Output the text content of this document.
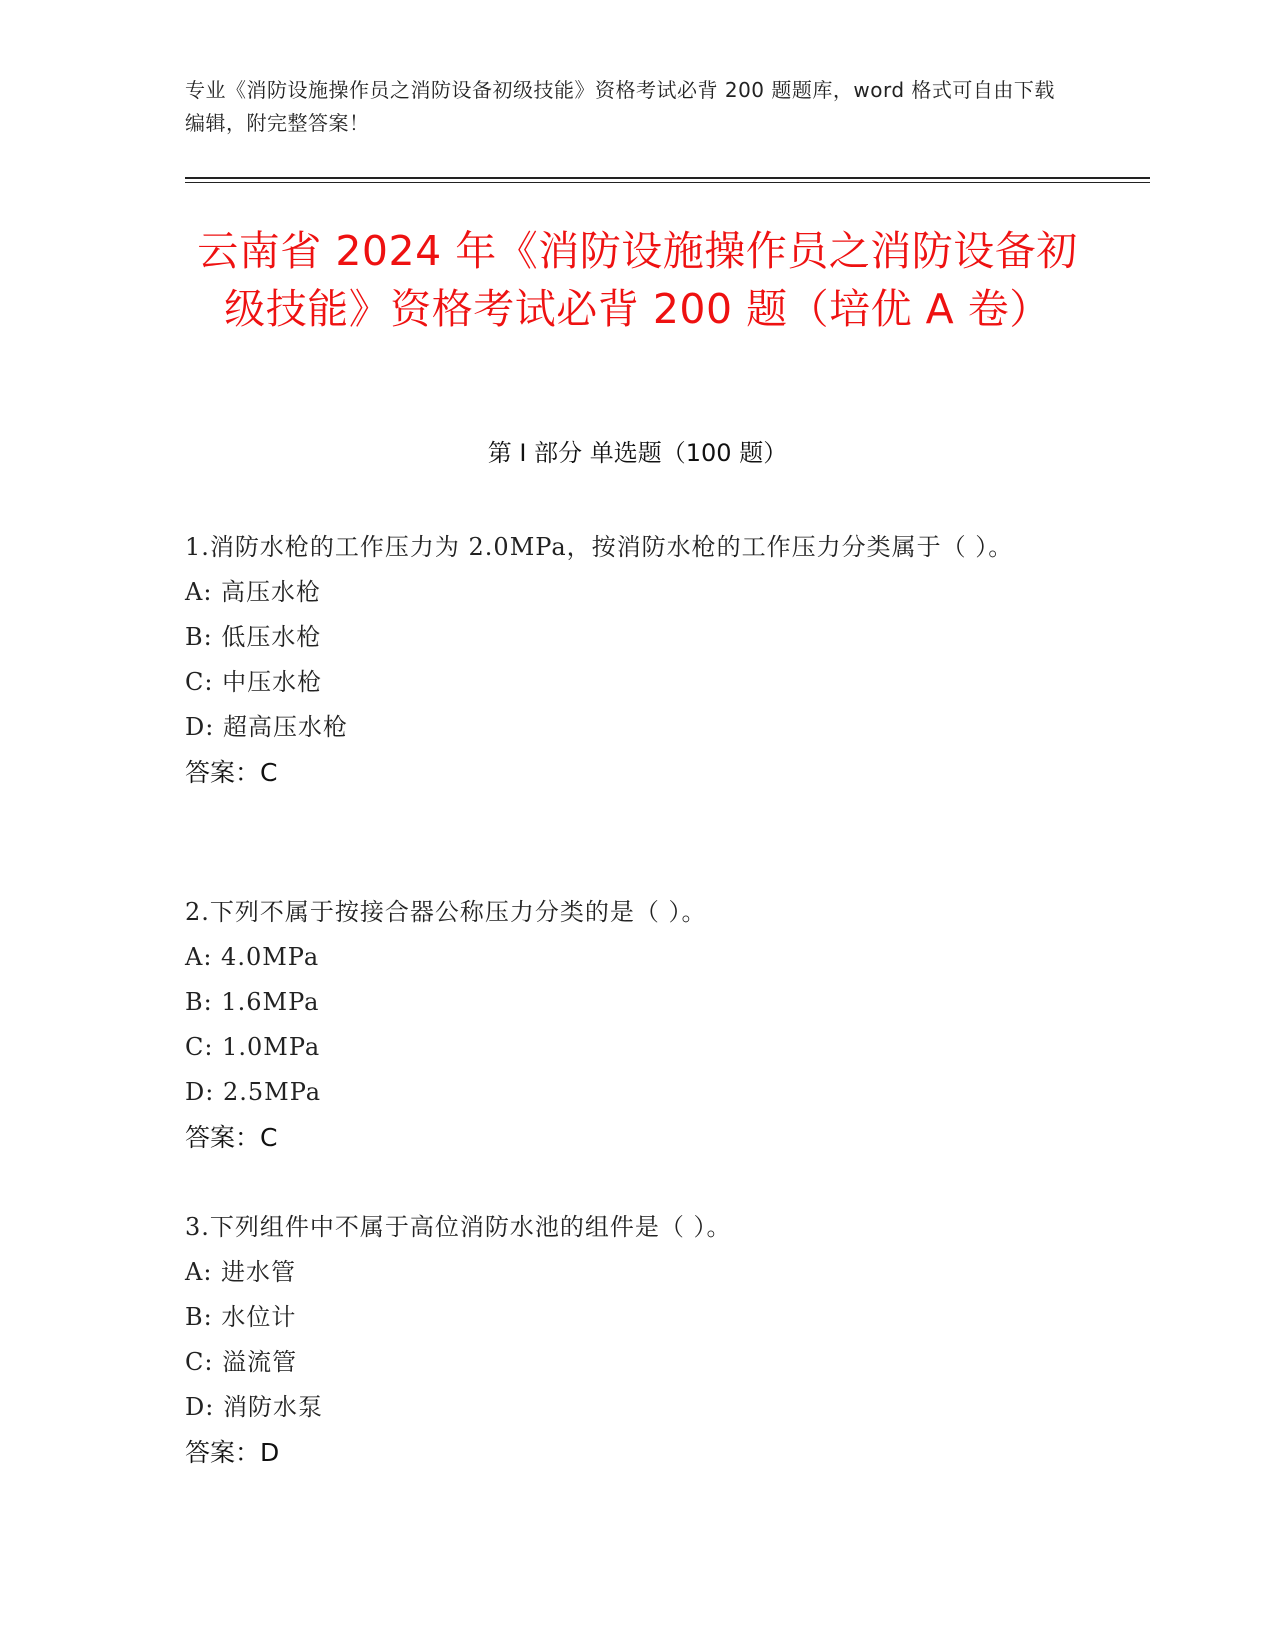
专业《消防设施操作员之消防设备初级技能》资格考试必背 200 题题库，word 格式可自由下载编辑，附完整答案！
云南省 2024 年《消防设施操作员之消防设备初级技能》资格考试必背 200 题（培优 A 卷）
第 I 部分 单选题（100 题）
1.消防水枪的工作压力为 2.0MPa，按消防水枪的工作压力分类属于（ ）。
A: 高压水枪
B: 低压水枪
C: 中压水枪
D: 超高压水枪
答案：C
2.下列不属于按接合器公称压力分类的是（ ）。
A: 4.0MPa
B: 1.6MPa
C: 1.0MPa
D: 2.5MPa
答案：C
3.下列组件中不属于高位消防水池的组件是（ ）。
A: 进水管
B: 水位计
C: 溢流管
D: 消防水泵
答案：D
